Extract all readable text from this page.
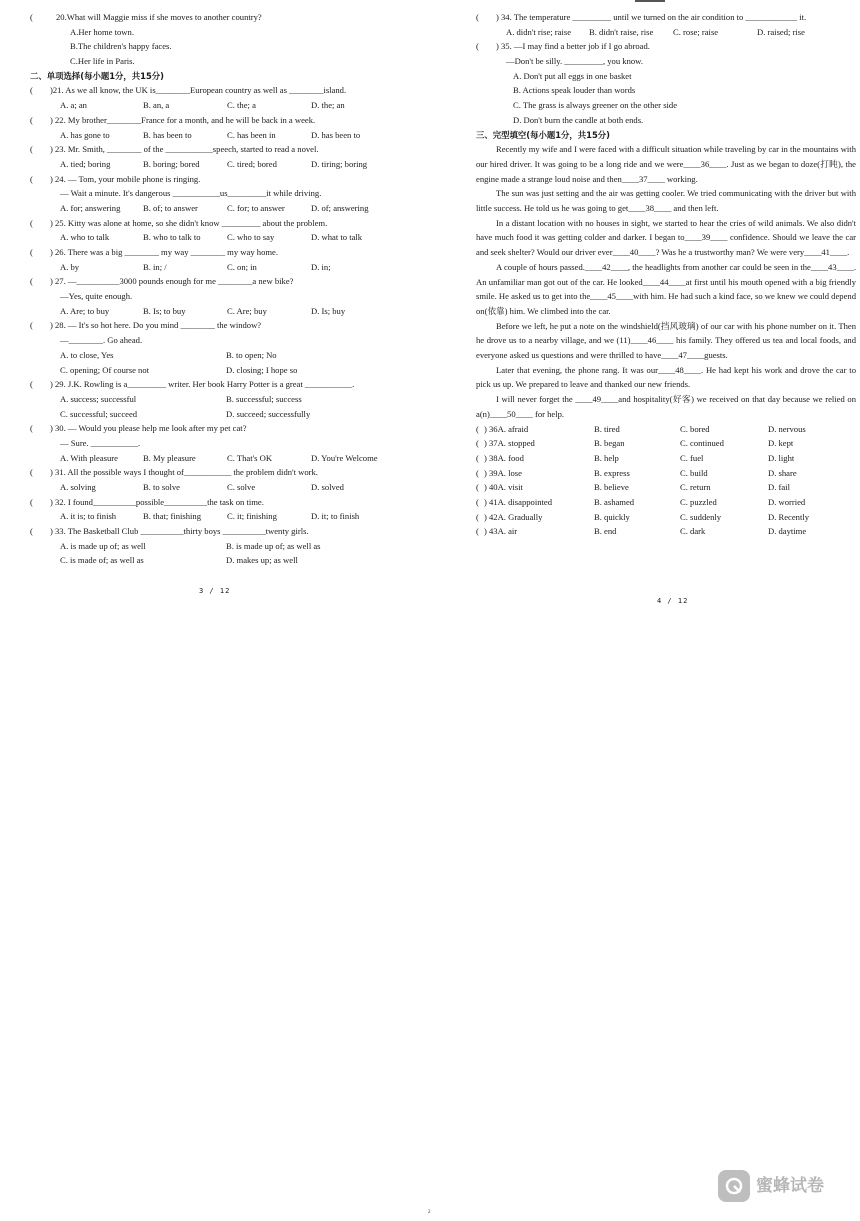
(	20.What will Maggie miss if she moves to another country?
A.Her home town.
B.The children's happy faces.
C.Her life in Paris.
二、单项选择(每小题1分，共15分)
(	)21. As we all know, the UK is________European country as well as ________island.
A. a; an	B. an, a	C. the; a	D. the; an
(	) 22. My brother________France for a month, and he will be back in a week.
A. has gone to	B. has been to	C. has been in	D. has been to
(	) 23. Mr. Smith, ________ of the ___________speech, started to read a novel.
A. tied; boring	B. boring; bored	C. tired; bored	D. tiring; boring
(	) 24. — Tom, your mobile phone is ringing.
— Wait a minute. It's dangerous ___________us_________it while driving.
A. for; answering	B. of; to answer	C. for; to answer	D. of; answering
(	) 25. Kitty was alone at home, so she didn't know _________ about the problem.
A. who to talk	B. who to talk to	C. who to say	D. what to talk
(	) 26. There was a big ________ my way ________ my way home.
A. by	B. in; /	C. on; in	D. in;
(	) 27. —__________3000 pounds enough for me ________a new bike?
—Yes, quite enough.
A. Are; to buy	B. Is; to buy	C. Are; buy	D. Is; buy
(	) 28. — It's so hot here. Do you mind ________ the window?
—________. Go ahead.
A. to close, Yes	B. to open; No
C. opening; Of course not	D. closing; I hope so
(	) 29. J.K. Rowling is a_________ writer. Her book Harry Potter is a great ___________.
A. success; successful	B. successful; success
C. successful; succeed	D. succeed; successfully
(	) 30. — Would you please help me look after my pet cat?
— Sure. ___________.
A. With pleasure	B. My pleasure	C. That's OK	D. You're Welcome
(	) 31. All the possible ways I thought of___________ the problem didn't work.
A. solving	B. to solve	C. solve	D. solved
(	) 32. I found__________possible__________the task on time.
A. it is; to finish	B. that; finishing	C. it; finishing	D. it; to finish
(	) 33. The Basketball Club __________thirty boys __________twenty girls.
A. is made up of; as well	B. is made up of; as well as
C. is made of; as well as	D. makes up; as well
3 / 12
(	) 34. The temperature _________ until we turned on the air condition to ____________ it.
A. didn't rise; raise	B. didn't raise, rise	C. rose; raise	D. raised; rise
(	) 35. —I may find a better job if I go abroad.
—Don't be silly. _________, you know.
A. Don't put all eggs in one basket
B. Actions speak louder than words
C. The grass is always greener on the other side
D. Don't burn the candle at both ends.
三、完型填空(每小题1分，共15分)

Recently my wife and I were faced with a difficult situation while traveling by car in the mountains with our hired driver. It was going to be a long ride and we were____36____. Just as we began to doze(打盹), the engine made a strange loud noise and then____37____ working.

The sun was just setting and the air was getting cooler. We tried communicating with the driver but with little success. He told us he was going to get____38____ and then left.

In a distant location with no houses in sight, we started to hear the cries of wild animals. We also didn't have much food it was getting colder and darker. I began to____39____ confidence. Should we leave the car and seek shelter? Would our driver ever____40____? Was he a trustworthy man? We were very____41____.

A couple of hours passed.____42____, the headlights from another car could be seen in the____43____. An unfamiliar man got out of the car. He looked____44____at first until his mouth opened with a big friendly smile. He asked us to get into the____45____with him. He had such a kind face, so we knew we could depend on(依靠) him. We climbed into the car.

Before we left, he put a note on the windshield(挡风玻璃) of our car with his phone number on it. Then he drove us to a nearby village, and we (11)____46____ his family. They offered us tea and local foods, and everyone asked us questions and were thrilled to have____47____guests.

Later that evening, the phone rang. It was our____48____. He had kept his work and drove the car to pick us up. We prepared to leave and thanked our new friends.

I will never forget the ____49____and hospitality(好客) we received on that day because we relied on a(n)____50____ for help.

( ) 36A. afraid	B. tired	C. bored	D. nervous
( ) 37A. stopped	B. began	C. continued	D. kept
( ) 38A. food	B. help	C. fuel	D. light
( ) 39A. lose	B. express	C. build	D. share
( ) 40A. visit	B. believe	C. return	D. fail
( ) 41A. disappointed	B. ashamed	C. puzzled	D. worried
( ) 42A. Gradually	B. quickly	C. suddenly	D. Recently
( ) 43A. air	B. end	C. dark	D. daytime
4 / 12
2
蜜蜂试卷
